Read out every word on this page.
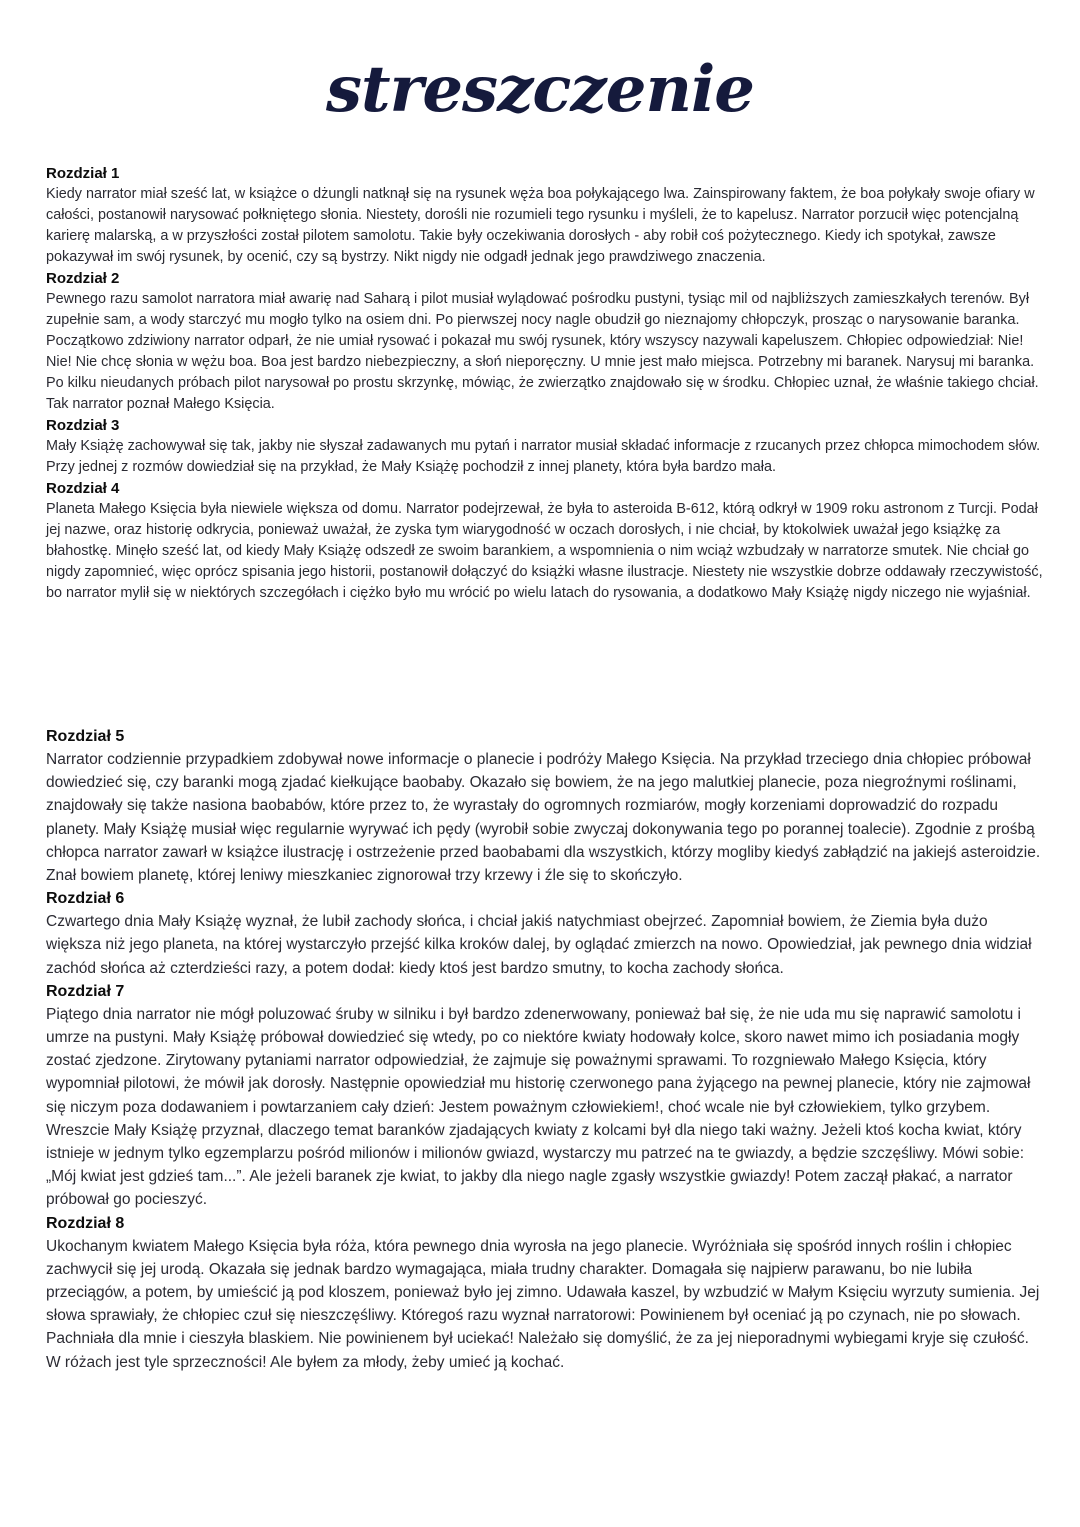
streszczenie
Rozdział 1

Kiedy narrator miał sześć lat, w książce o dżungli natknął się na rysunek węża boa połykającego lwa. Zainspirowany faktem, że boa połykały swoje ofiary w całości, postanowił narysować połkniętego słonia. Niestety, dorośli nie rozumieli tego rysunku i myśleli, że to kapelusz. Narrator porzucił więc potencjalną karierę malarską, a w przyszłości został pilotem samolotu. Takie były oczekiwania dorosłych - aby robił coś pożytecznego. Kiedy ich spotykał, zawsze pokazywał im swój rysunek, by ocenić, czy są bystrzy. Nikt nigdy nie odgadł jednak jego prawdziwego znaczenia.

Rozdział 2

Pewnego razu samolot narratora miał awarię nad Saharą i pilot musiał wylądować pośrodku pustyni, tysiąc mil od najbliższych zamieszkałych terenów. Był zupełnie sam, a wody starczyć mu mogło tylko na osiem dni. Po pierwszej nocy nagle obudził go nieznajomy chłopczyk, prosząc o narysowanie baranka. Początkowo zdziwiony narrator odparł, że nie umiał rysować i pokazał mu swój rysunek, który wszyscy nazywali kapeluszem. Chłopiec odpowiedział: Nie! Nie! Nie chcę słonia w wężu boa. Boa jest bardzo niebezpieczny, a słoń nieporęczny. U mnie jest mało miejsca. Potrzebny mi baranek. Narysuj mi baranka. Po kilku nieudanych próbach pilot narysował po prostu skrzynkę, mówiąc, że zwierzątko znajdowało się w środku. Chłopiec uznał, że właśnie takiego chciał. Tak narrator poznał Małego Księcia.

Rozdział 3

Mały Książę zachowywał się tak, jakby nie słyszał zadawanych mu pytań i narrator musiał składać informacje z rzucanych przez chłopca mimochodem słów. Przy jednej z rozmów dowiedział się na przykład, że Mały Książę pochodził z innej planety, która była bardzo mała.

Rozdział 4

Planeta Małego Księcia była niewiele większa od domu. Narrator podejrzewał, że była to asteroida B-612, którą odkrył w 1909 roku astronom z Turcji. Podał jej nazwe, oraz historię odkrycia, ponieważ uważał, że zyska tym wiarygodność w oczach dorosłych, i nie chciał, by ktokolwiek uważał jego książkę za błahostkę. Minęło sześć lat, od kiedy Mały Książę odszedł ze swoim barankiem, a wspomnienia o nim wciąż wzbudzały w narratorze smutek. Nie chciał go nigdy zapomnieć, więc oprócz spisania jego historii, postanowił dołączyć do książki własne ilustracje. Niestety nie wszystkie dobrze oddawały rzeczywistość, bo narrator mylił się w niektórych szczegółach i ciężko było mu wrócić po wielu latach do rysowania, a dodatkowo Mały Książę nigdy niczego nie wyjaśniał.

Rozdział 5

Narrator codziennie przypadkiem zdobywał nowe informacje o planecie i podróży Małego Księcia. Na przykład trzeciego dnia chłopiec próbował dowiedzieć się, czy baranki mogą zjadać kiełkujące baobaby. Okazało się bowiem, że na jego malutkiej planecie, poza niegroźnymi roślinami, znajdowały się także nasiona baobabów, które przez to, że wyrastały do ogromnych rozmiarów, mogły korzeniami doprowadzić do rozpadu planety. Mały Książę musiał więc regularnie wyrywać ich pędy (wyrobił sobie zwyczaj dokonywania tego po porannej toalecie). Zgodnie z prośbą chłopca narrator zawarł w książce ilustrację i ostrzeżenie przed baobabami dla wszystkich, którzy mogliby kiedyś zabłądzić na jakiejś asteroidzie. Znał bowiem planetę, której leniwy mieszkaniec zignorował trzy krzewy i źle się to skończyło.

Rozdział 6

Czwartego dnia Mały Książę wyznał, że lubił zachody słońca, i chciał jakiś natychmiast obejrzeć. Zapomniał bowiem, że Ziemia była dużo większa niż jego planeta, na której wystarczyło przejść kilka kroków dalej, by oglądać zmierzch na nowo. Opowiedział, jak pewnego dnia widział zachód słońca aż czterdzieści razy, a potem dodał: kiedy ktoś jest bardzo smutny, to kocha zachody słońca.

Rozdział 7

Piątego dnia narrator nie mógł poluzować śruby w silniku i był bardzo zdenerwowany, ponieważ bał się, że nie uda mu się naprawić samolotu i umrze na pustyni. Mały Książę próbował dowiedzieć się wtedy, po co niektóre kwiaty hodowały kolce, skoro nawet mimo ich posiadania mogły zostać zjedzone. Zirytowany pytaniami narrator odpowiedział, że zajmuje się poważnymi sprawami. To rozgniewało Małego Księcia, który wypomniał pilotowi, że mówił jak dorosły. Następnie opowiedział mu historię czerwonego pana żyjącego na pewnej planecie, który nie zajmował się niczym poza dodawaniem i powtarzaniem cały dzień: Jestem poważnym człowiekiem!, choć wcale nie był człowiekiem, tylko grzybem. Wreszcie Mały Książę przyznał, dlaczego temat baranków zjadających kwiaty z kolcami był dla niego taki ważny. Jeżeli ktoś kocha kwiat, który istnieje w jednym tylko egzemplarzu pośród milionów i milionów gwiazd, wystarczy mu patrzeć na te gwiazdy, a będzie szczęśliwy. Mówi sobie: „Mój kwiat jest gdzieś tam...”. Ale jeżeli baranek zje kwiat, to jakby dla niego nagle zgasły wszystkie gwiazdy! Potem zaczął płakać, a narrator próbował go pocieszyć.

Rozdział 8

Ukochanym kwiatem Małego Księcia była róża, która pewnego dnia wyrosła na jego planecie. Wyróżniała się spośród innych roślin i chłopiec zachwycił się jej urodą. Okazała się jednak bardzo wymagająca, miała trudny charakter. Domagała się najpierw parawanu, bo nie lubiła przeciągów, a potem, by umieścić ją pod kloszem, ponieważ było jej zimno. Udawała kaszel, by wzbudzić w Małym Księciu wyrzuty sumienia. Jej słowa sprawiały, że chłopiec czuł się nieszczęśliwy. Któregoś razu wyznał narratorowi: Powinienem był oceniać ją po czynach, nie po słowach. Pachniała dla mnie i cieszyła blaskiem. Nie powinienem był uciekać! Należało się domyślić, że za jej nieporadnymi wybiegami kryje się czułość. W różach jest tyle sprzeczności! Ale byłem za młody, żeby umieć ją kochać.
